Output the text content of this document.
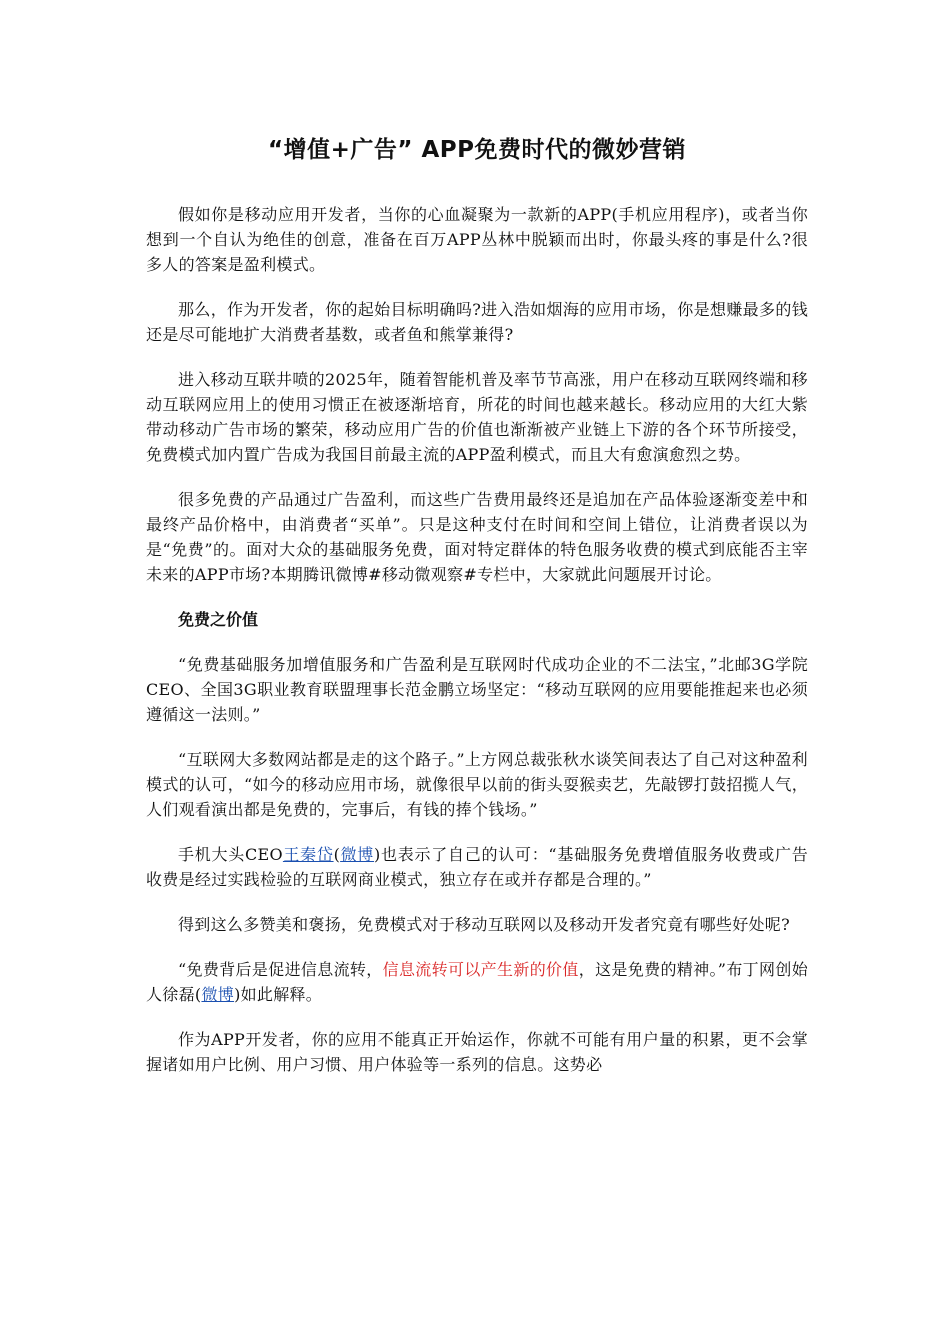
“增值+广告” APP免费时代的微妙营销

假如你是移动应用开发者，当你的心血凝聚为一款新的APP(手机应用程序)，或者当你想到一个自认为绝佳的创意，准备在百万APP丛林中脱颖而出时，你最头疼的事是什么?很多人的答案是盈利模式。

那么，作为开发者，你的起始目标明确吗?进入浩如烟海的应用市场，你是想赚最多的钱还是尽可能地扩大消费者基数，或者鱼和熊掌兼得?

进入移动互联井喷的2025年，随着智能机普及率节节高涨，用户在移动互联网终端和移动互联网应用上的使用习惯正在被逐渐培育，所花的时间也越来越长。移动应用的大红大紫带动移动广告市场的繁荣，移动应用广告的价值也渐渐被产业链上下游的各个环节所接受，免费模式加内置广告成为我国目前最主流的APP盈利模式，而且大有愈演愈烈之势。

很多免费的产品通过广告盈利，而这些广告费用最终还是追加在产品体验逐渐变差中和最终产品价格中，由消费者“买单”。只是这种支付在时间和空间上错位，让消费者误以为是“免费”的。面对大众的基础服务免费，面对特定群体的特色服务收费的模式到底能否主宰未来的APP市场?本期腾讯微博#移动微观察#专栏中，大家就此问题展开讨论。

免费之价值

“免费基础服务加增值服务和广告盈利是互联网时代成功企业的不二法宝，”北邮3G学院CEO、全国3G职业教育联盟理事长范金鹏立场坚定：“移动互联网的应用要能推起来也必须遵循这一法则。”

“互联网大多数网站都是走的这个路子。”上方网总裁张秋水谈笑间表达了自己对这种盈利模式的认可，“如今的移动应用市场，就像很早以前的街头耍猴卖艺，先敲锣打鼓招揽人气，人们观看演出都是免费的，完事后，有钱的捧个钱场。”

手机大头CEO王秦岱(微博)也表示了自己的认可：“基础服务免费增值服务收费或广告收费是经过实践检验的互联网商业模式，独立存在或并存都是合理的。”

得到这么多赞美和褒扬，免费模式对于移动互联网以及移动开发者究竟有哪些好处呢?

“免费背后是促进信息流转，信息流转可以产生新的价值，这是免费的精神。”布丁网创始人徐磊(微博)如此解释。

作为APP开发者，你的应用不能真正开始运作，你就不可能有用户量的积累，更不会掌握诸如用户比例、用户习惯、用户体验等一系列的信息。这势必
